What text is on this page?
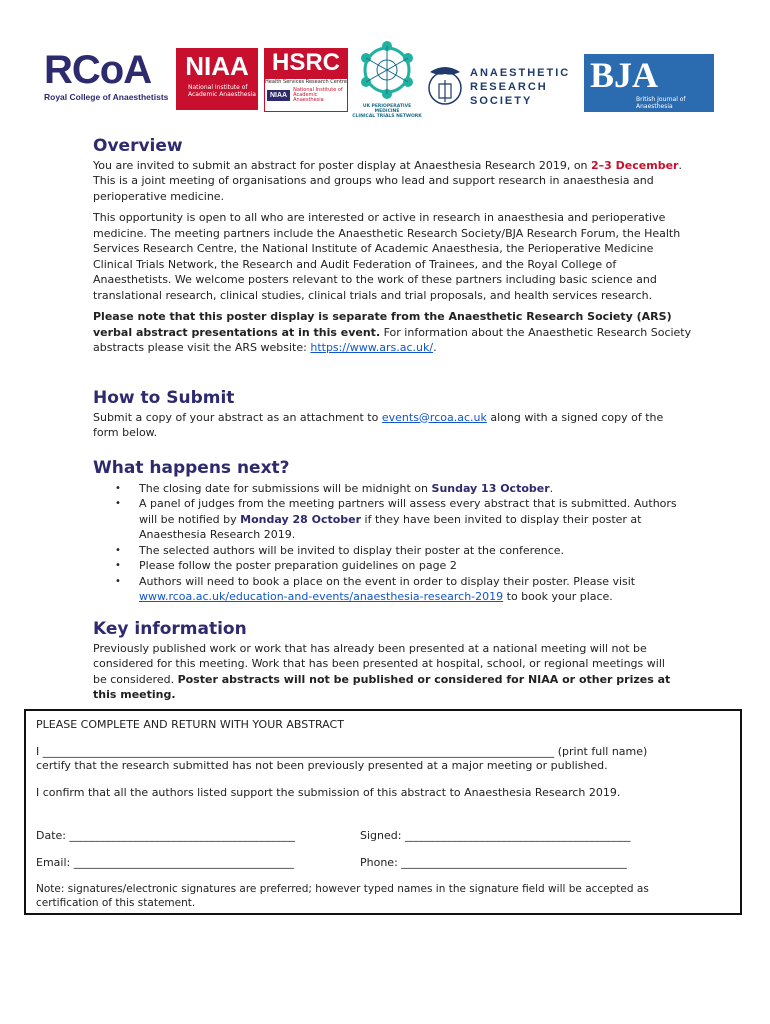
RCoA
Royal College of Anaesthetists
NIAA
National Institute of
Academic Anaesthesia
HSRC
Health Services Research Centre
NIAA
National Institute of
Academic Anaesthesia
UK PERIOPERATIVE MEDICINE
CLINICAL TRIALS NETWORK
ANAESTHETIC
RESEARCH
SOCIETY
BJA
British Journal of Anaesthesia
Overview

You are invited to submit an abstract for poster display at Anaesthesia Research 2019, on 2–3 December. This is a joint meeting of organisations and groups who lead and support research in anaesthesia and perioperative medicine.

This opportunity is open to all who are interested or active in research in anaesthesia and perioperative medicine. The meeting partners include the Anaesthetic Research Society/BJA Research Forum, the Health Services Research Centre, the National Institute of Academic Anaesthesia, the Perioperative Medicine Clinical Trials Network, the Research and Audit Federation of Trainees, and the Royal College of Anaesthetists. We welcome posters relevant to the work of these partners including basic science and translational research, clinical studies, clinical trials and trial proposals, and health services research.

Please note that this poster display is separate from the Anaesthetic Research Society (ARS) verbal abstract presentations at in this event. For information about the Anaesthetic Research Society abstracts please visit the ARS website: https://www.ars.ac.uk/.

How to Submit

Submit a copy of your abstract as an attachment to events@rcoa.ac.uk along with a signed copy of the form below.

What happens next?
• The closing date for submissions will be midnight on Sunday 13 October.
• A panel of judges from the meeting partners will assess every abstract that is submitted. Authors will be notified by Monday 28 October if they have been invited to display their poster at Anaesthesia Research 2019.
• The selected authors will be invited to display their poster at the conference.
• Please follow the poster preparation guidelines on page 2
• Authors will need to book a place on the event in order to display their poster. Please visit www.rcoa.ac.uk/education-and-events/anaesthesia-research-2019 to book your place.
Key information

Previously published work or work that has already been presented at a national meeting will not be considered for this meeting. Work that has been presented at hospital, school, or regional meetings will be considered. Poster abstracts will not be published or considered for NIAA or other prizes at this meeting.

PLEASE COMPLETE AND RETURN WITH YOUR ABSTRACT
I _____________________________________________________________________________________________ (print full name)
certify that the research submitted has not been previously presented at a major meeting or published.
I confirm that all the authors listed support the submission of this abstract to Anaesthesia Research 2019.
Date: _________________________________________	Signed: _________________________________________
Email: ________________________________________	Phone: _________________________________________
Note: signatures/electronic signatures are preferred; however typed names in the signature field will be accepted as certification of this statement.
